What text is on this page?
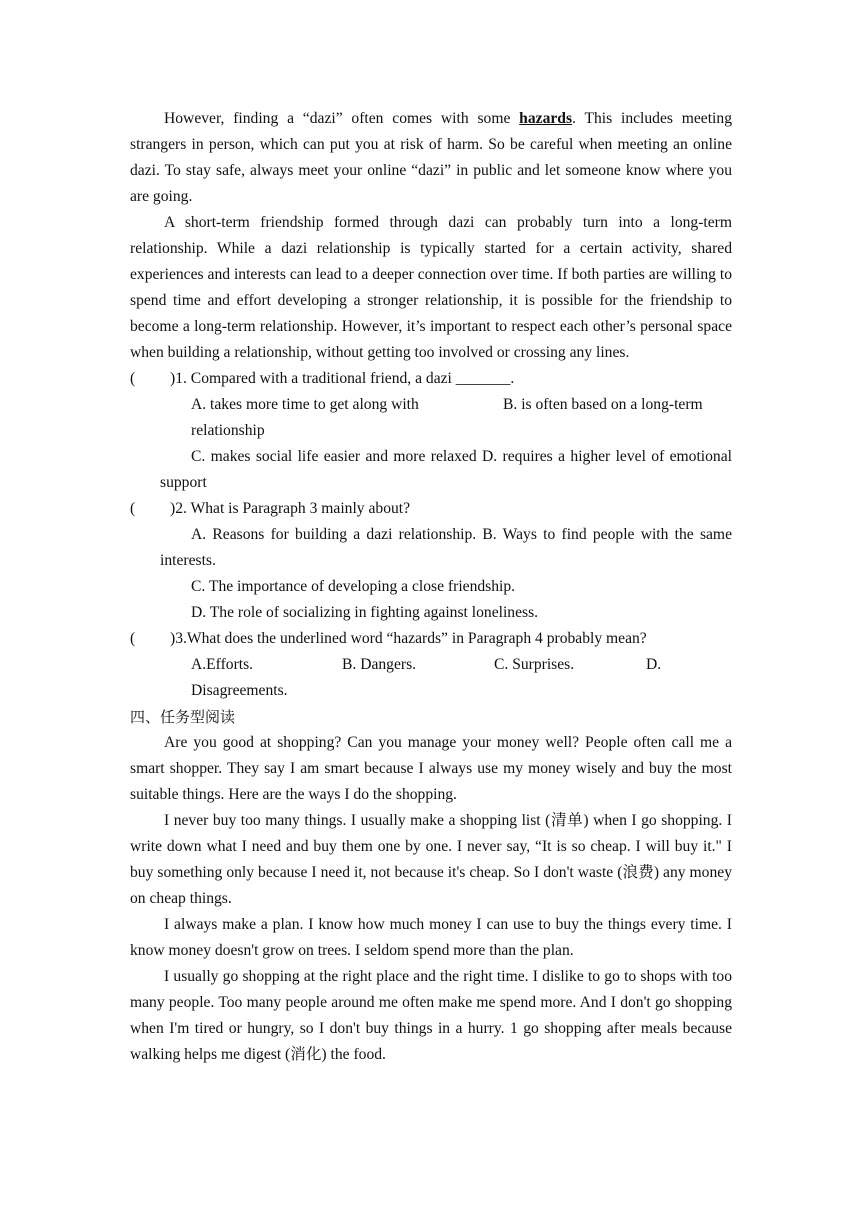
However, finding a “dazi” often comes with some hazards. This includes meeting strangers in person, which can put you at risk of harm. So be careful when meeting an online dazi. To stay safe, always meet your online “dazi” in public and let someone know where you are going.

A short-term friendship formed through dazi can probably turn into a long-term relationship. While a dazi relationship is typically started for a certain activity, shared experiences and interests can lead to a deeper connection over time. If both parties are willing to spend time and effort developing a stronger relationship, it is possible for the friendship to become a long-term relationship. However, it’s important to respect each other’s personal space when building a relationship, without getting too involved or crossing any lines.

( )1. Compared with a traditional friend, a dazi _______.

A. takes more time to get along with	B. is often based on a long-term

relationship

C. makes social life easier and more relaxed D. requires a higher level of emotional support

( )2. What is Paragraph 3 mainly about?

A. Reasons for building a dazi relationship. B. Ways to find people with the same interests.

C. The importance of developing a close friendship.

D. The role of socializing in fighting against loneliness.

( )3.What does the underlined word “hazards” in Paragraph 4 probably mean?

A.Efforts.	B. Dangers.	C. Surprises.	D.

Disagreements.

四、任务型阅读

Are you good at shopping? Can you manage your money well? People often call me a smart shopper. They say I am smart because I always use my money wisely and buy the most suitable things. Here are the ways I do the shopping.

I never buy too many things. I usually make a shopping list (清单) when I go shopping. I write down what I need and buy them one by one. I never say, “It is so cheap. I will buy it." I buy something only because I need it, not because it's cheap. So I don't waste (浪费) any money on cheap things.

I always make a plan. I know how much money I can use to buy the things every time. I know money doesn't grow on trees. I seldom spend more than the plan.

I usually go shopping at the right place and the right time. I dislike to go to shops with too many people. Too many people around me often make me spend more. And I don't go shopping when I'm tired or hungry, so I don't buy things in a hurry. 1 go shopping after meals because walking helps me digest (消化) the food.
